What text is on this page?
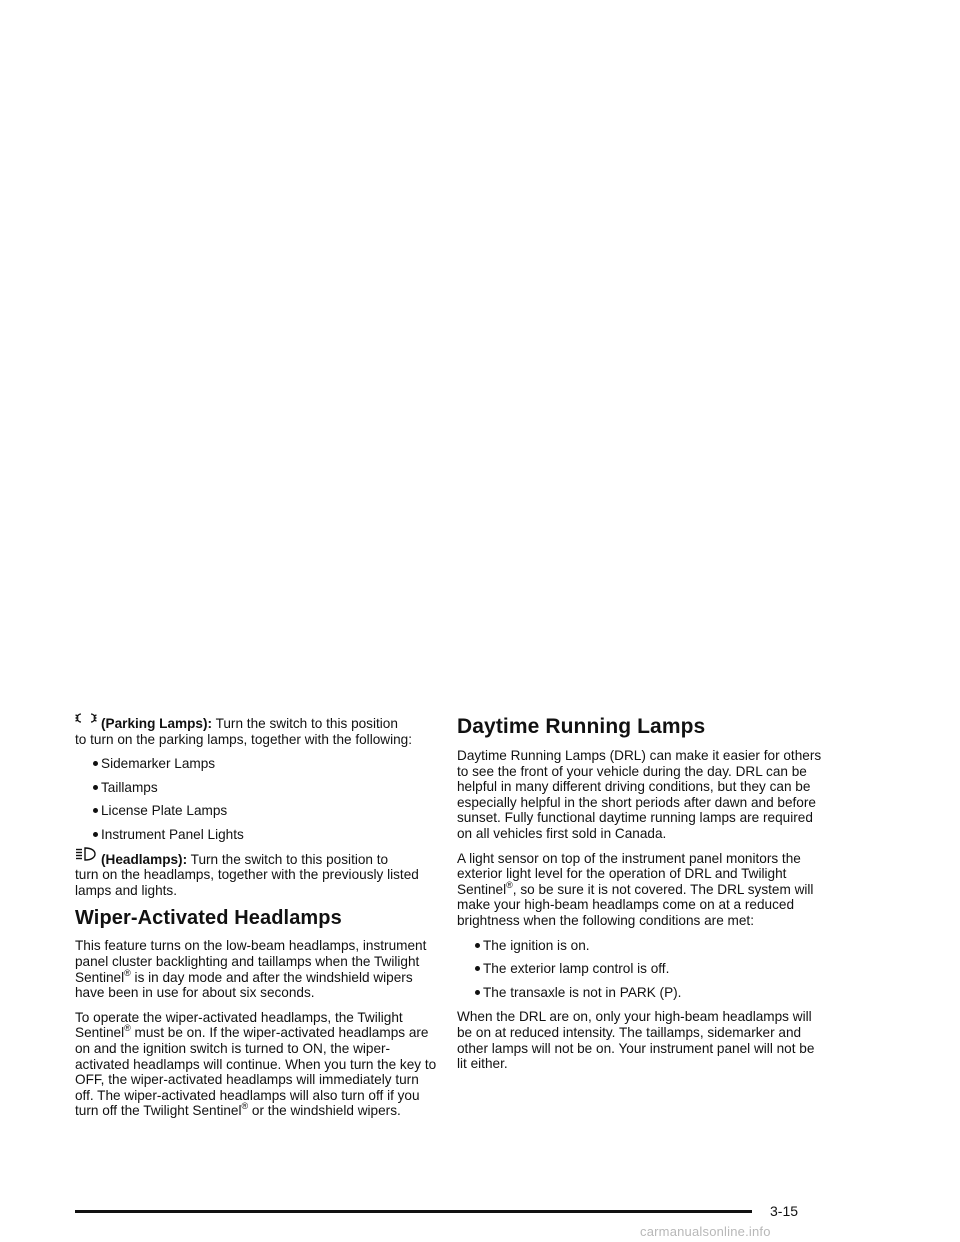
(Parking Lamps): Turn the switch to this position
to turn on the parking lamps, together with the following:

Sidemarker Lamps
Taillamps
License Plate Lamps
Instrument Panel Lights

(Headlamps): Turn the switch to this position to
turn on the headlamps, together with the previously listed lamps and lights.

Wiper-Activated Headlamps

This feature turns on the low-beam headlamps, instrument panel cluster backlighting and taillamps when the Twilight Sentinel® is in day mode and after the windshield wipers have been in use for about six seconds.

To operate the wiper-activated headlamps, the Twilight Sentinel® must be on. If the wiper-activated headlamps are on and the ignition switch is turned to ON, the wiper-activated headlamps will continue. When you turn the key to OFF, the wiper-activated headlamps will immediately turn off. The wiper-activated headlamps will also turn off if you turn off the Twilight Sentinel® or the windshield wipers.

Daytime Running Lamps

Daytime Running Lamps (DRL) can make it easier for others to see the front of your vehicle during the day. DRL can be helpful in many different driving conditions, but they can be especially helpful in the short periods after dawn and before sunset. Fully functional daytime running lamps are required on all vehicles first sold in Canada.

A light sensor on top of the instrument panel monitors the exterior light level for the operation of DRL and Twilight Sentinel®, so be sure it is not covered. The DRL system will make your high-beam headlamps come on at a reduced brightness when the following conditions are met:

The ignition is on.
The exterior lamp control is off.
The transaxle is not in PARK (P).

When the DRL are on, only your high-beam headlamps will be on at reduced intensity. The taillamps, sidemarker and other lamps will not be on. Your instrument panel will not be lit either.

3-15
carmanualsonline.info
